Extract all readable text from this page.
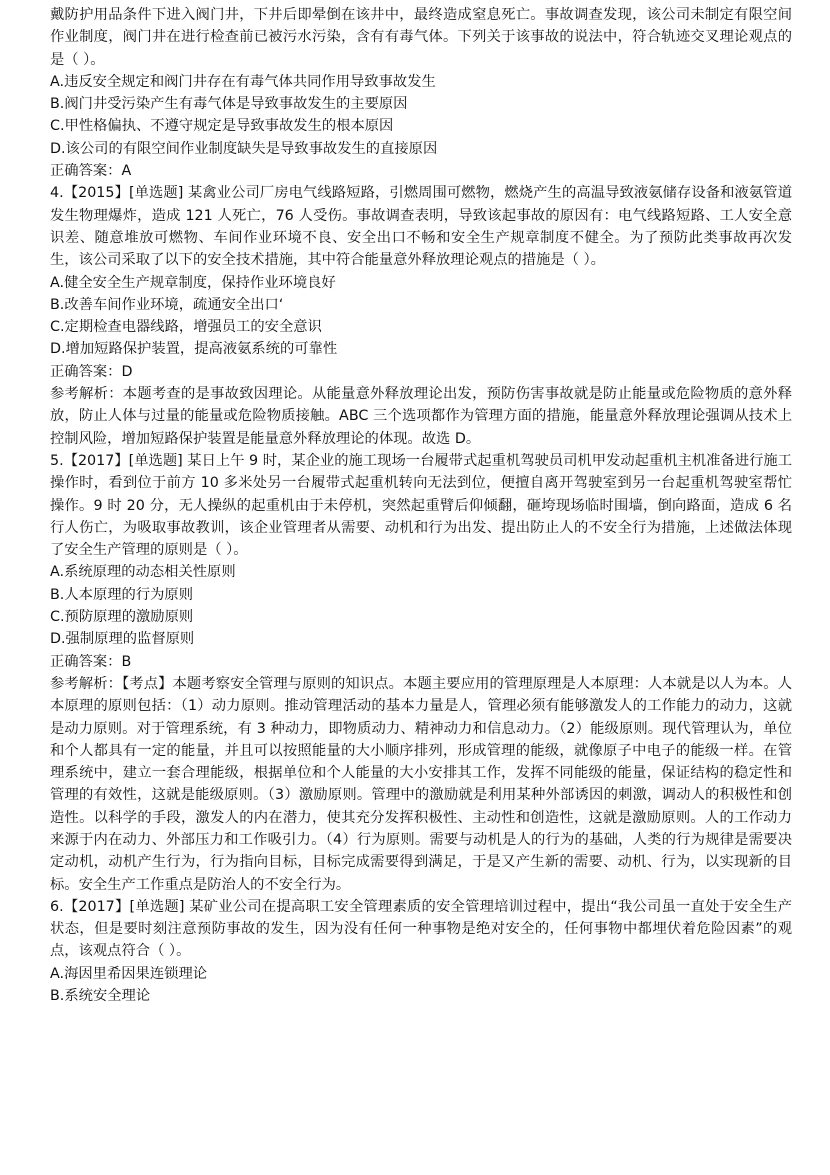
戴防护用品条件下进入阀门井，下井后即晕倒在该井中，最终造成窒息死亡。事故调查发现，该公司未制定有限空间作业制度，阀门井在进行检查前已被污水污染，含有有毒气体。下列关于该事故的说法中，符合轨迹交叉理论观点的是（ ）。

A.违反安全规定和阀门井存在有毒气体共同作用导致事故发生

B.阀门井受污染产生有毒气体是导致事故发生的主要原因

C.甲性格偏执、不遵守规定是导致事故发生的根本原因

D.该公司的有限空间作业制度缺失是导致事故发生的直接原因

正确答案：A

4.【2015】[单选题] 某禽业公司厂房电气线路短路，引燃周围可燃物，燃烧产生的高温导致液氨储存设备和液氨管道发生物理爆炸，造成 121 人死亡，76 人受伤。事故调查表明，导致该起事故的原因有：电气线路短路、工人安全意识差、随意堆放可燃物、车间作业环境不良、安全出口不畅和安全生产规章制度不健全。为了预防此类事故再次发生，该公司采取了以下的安全技术措施，其中符合能量意外释放理论观点的措施是（ ）。

A.健全安全生产规章制度，保持作业环境良好

B.改善车间作业环境，疏通安全出口‘

C.定期检查电器线路，增强员工的安全意识

D.增加短路保护装置，提高液氨系统的可靠性

正确答案：D

参考解析：本题考查的是事故致因理论。从能量意外释放理论出发，预防伤害事故就是防止能量或危险物质的意外释放，防止人体与过量的能量或危险物质接触。ABC 三个选项都作为管理方面的措施，能量意外释放理论强调从技术上控制风险，增加短路保护装置是能量意外释放理论的体现。故选 D。

5.【2017】[单选题] 某日上午 9 时，某企业的施工现场一台履带式起重机驾驶员司机甲发动起重机主机准备进行施工操作时，看到位于前方 10 多米处另一台履带式起重机转向无法到位，便擅自离开驾驶室到另一台起重机驾驶室帮忙操作。9 时 20 分，无人操纵的起重机由于未停机，突然起重臂后仰倾翻，砸垮现场临时围墙，倒向路面，造成 6 名行人伤亡，为吸取事故教训，该企业管理者从需要、动机和行为出发、提出防止人的不安全行为措施，上述做法体现了安全生产管理的原则是（ ）。

A.系统原理的动态相关性原则

B.人本原理的行为原则

C.预防原理的激励原则

D.强制原理的监督原则

正确答案：B

参考解析：【考点】本题考察安全管理与原则的知识点。本题主要应用的管理原理是人本原理：人本就是以人为本。人本原理的原则包括：（1）动力原则。推动管理活动的基本力量是人，管理必须有能够激发人的工作能力的动力，这就是动力原则。对于管理系统，有 3 种动力，即物质动力、精神动力和信息动力。（2）能级原则。现代管理认为，单位和个人都具有一定的能量，并且可以按照能量的大小顺序排列，形成管理的能级，就像原子中电子的能级一样。在管理系统中，建立一套合理能级，根据单位和个人能量的大小安排其工作，发挥不同能级的能量，保证结构的稳定性和管理的有效性，这就是能级原则。（3）激励原则。管理中的激励就是利用某种外部诱因的刺激，调动人的积极性和创造性。以科学的手段，激发人的内在潜力，使其充分发挥积极性、主动性和创造性，这就是激励原则。人的工作动力来源于内在动力、外部压力和工作吸引力。（4）行为原则。需要与动机是人的行为的基础，人类的行为规律是需要决定动机，动机产生行为，行为指向目标，目标完成需要得到满足，于是又产生新的需要、动机、行为，以实现新的目标。安全生产工作重点是防治人的不安全行为。

6.【2017】[单选题] 某矿业公司在提高职工安全管理素质的安全管理培训过程中，提出“我公司虽一直处于安全生产状态，但是要时刻注意预防事故的发生，因为没有任何一种事物是绝对安全的，任何事物中都埋伏着危险因素”的观点，该观点符合（ ）。

A.海因里希因果连锁理论

B.系统安全理论
